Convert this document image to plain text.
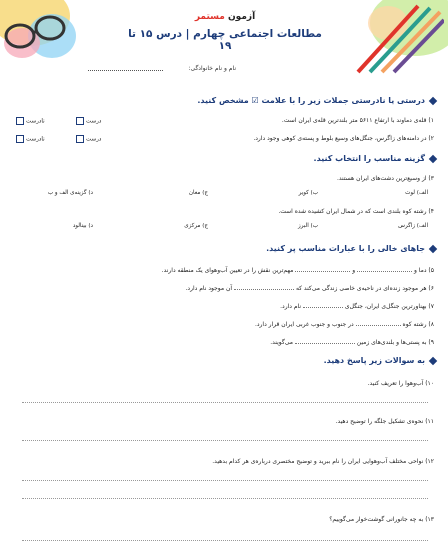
آزمون مستمر
مطالعات اجتماعی چهارم | درس ۱۵ تا ۱۹
نام و نام خانوادگی:
درستی یا نادرستی جملات زیر را با علامت ☑ مشخص کنید.
۱) قله‌ی دماوند با ارتفاع ۵۶۱۱ متر بلندترین قله‌ی ایران است.
درست
نادرست
۲) در دامنه‌های زاگرس، جنگل‌های وسیع بلوط و پسته‌ی کوهی وجود دارد.
درست
نادرست
گزینه مناسب را انتخاب کنید.
۳) از وسیع‌ترین دشت‌های ایران هستند.
الف) لوت
ب) کویر
ج) مغان
د) گزینه‌ی الف و ب
۴) رشته کوه بلندی است که در شمال ایران کشیده شده است.
الف) زاگرس
ب) البرز
ج) مرکزی
د) بینالود
جاهای خالی را با عبارات مناسب پر کنید.
۵) دما و  و  مهم‌ترین نقش را در تعیین آب‌وهوای یک منطقه دارند.
۶) هر موجود زنده‌ای در ناحیه‌ی خاصی زندگی می‌کند که  آن موجود نام دارد.
۷) بهناورترین جنگل‌ی ایران، جنگل‌ی  نام دارد.
۸) رشته کوه  در جنوب و جنوب غربی ایران قرار دارد.
۹) به پستی‌ها و بلندی‌های زمین  می‌گویند.
به سوالات زیر پاسخ دهید.
۱۰) آب‌وهوا را تعریف کنید.
۱۱) نحوه‌ی تشکیل جلگه را توضیح دهید.
۱۲) نواحی مختلف آب‌وهوایی ایران را نام ببرید و توضیح مختصری درباره‌ی هر کدام بدهید.
۱۳) به چه جانورانی گوشت‌خوار می‌گوییم؟
